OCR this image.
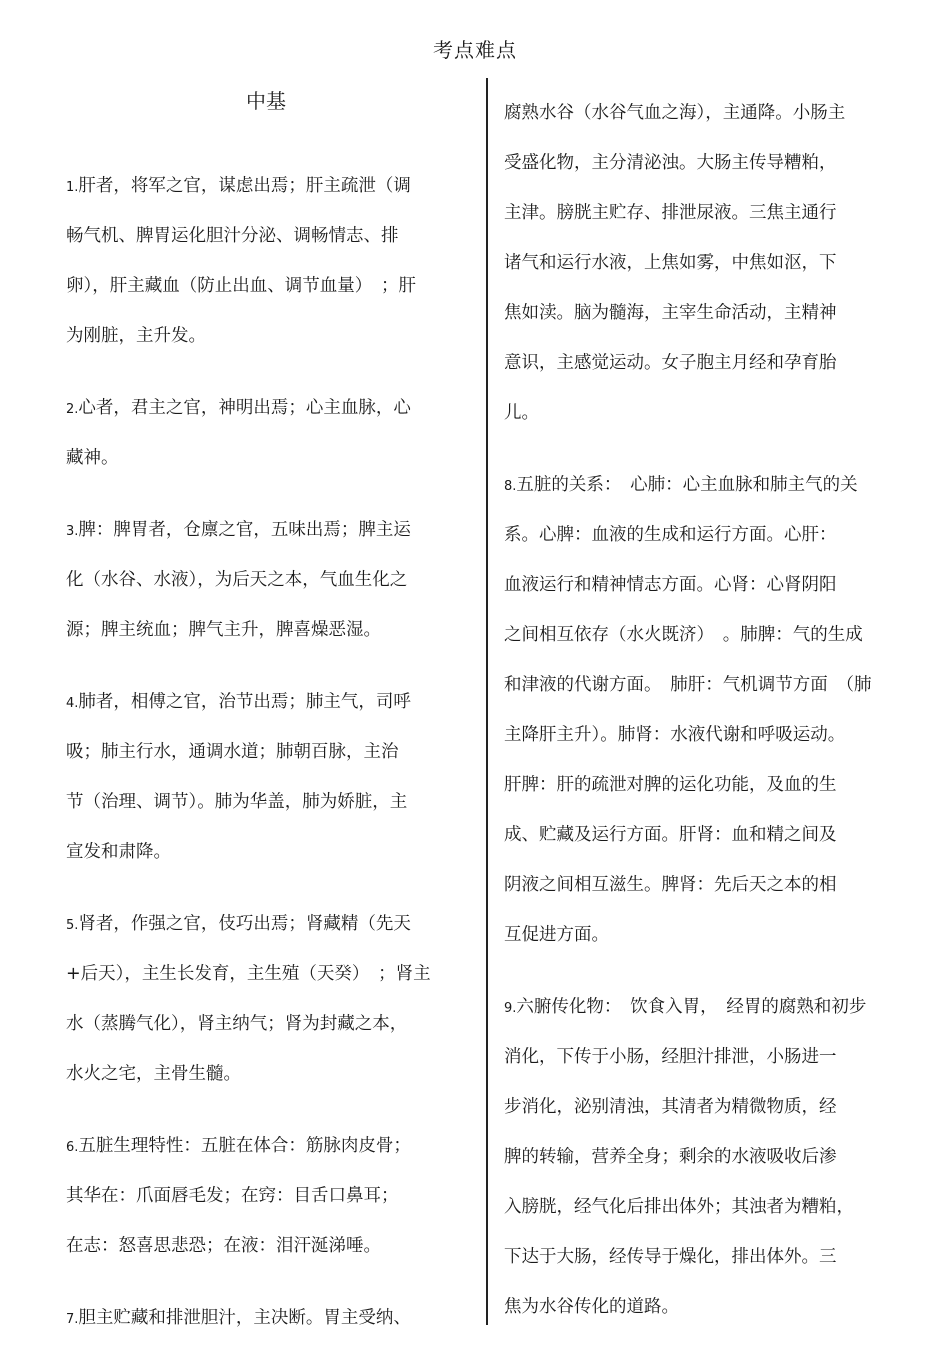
考点难点
中基
1.肝者，将军之官，谋虑出焉；肝主疏泄（调
畅气机、脾胃运化胆汁分泌、调畅情志、排
卵），肝主藏血（防止出血、调节血量）　；肝
为刚脏，主升发。
2.心者，君主之官，神明出焉；心主血脉，心
藏神。
3.脾：脾胃者，仓廪之官，五味出焉；脾主运
化（水谷、水液），为后天之本，气血生化之
源；脾主统血；脾气主升，脾喜燥恶湿。
4.肺者，相傅之官，治节出焉；肺主气，司呼
吸；肺主行水，通调水道；肺朝百脉，主治
节（治理、调节）。肺为华盖，肺为娇脏，主
宣发和肃降。
5.肾者，作强之官，伎巧出焉；肾藏精（先天
+后天），主生长发育，主生殖（天癸）　；肾主
水（蒸腾气化），肾主纳气；肾为封藏之本，
水火之宅，主骨生髓。
6.五脏生理特性：五脏在体合：筋脉肉皮骨；
其华在：爪面唇毛发；在窍：目舌口鼻耳；
在志：怒喜思悲恐；在液：泪汗涎涕唾。
7.胆主贮藏和排泄胆汁，主决断。胃主受纳、
腐熟水谷（水谷气血之海），主通降。小肠主
受盛化物，主分清泌浊。大肠主传导糟粕，
主津。膀胱主贮存、排泄尿液。三焦主通行
诸气和运行水液，上焦如雾，中焦如沤，下
焦如渎。脑为髓海，主宰生命活动，主精神
意识，主感觉运动。女子胞主月经和孕育胎
儿。
8.五脏的关系：　心肺：心主血脉和肺主气的关
系。心脾：血液的生成和运行方面。心肝：
血液运行和精神情志方面。心肾：心肾阴阳
之间相互依存（水火既济）　。肺脾：气的生成
和津液的代谢方面。　肺肝：气机调节方面　（肺
主降肝主升）。肺肾：水液代谢和呼吸运动。
肝脾：肝的疏泄对脾的运化功能，及血的生
成、贮藏及运行方面。肝肾：血和精之间及
阴液之间相互滋生。脾肾：先后天之本的相
互促进方面。
9.六腑传化物：　饮食入胃，　经胃的腐熟和初步
消化，下传于小肠，经胆汁排泄，小肠进一
步消化，泌别清浊，其清者为精微物质，经
脾的转输，营养全身；剩余的水液吸收后渗
入膀胱，经气化后排出体外；其浊者为糟粕，
下达于大肠，经传导于燥化，排出体外。三
焦为水谷传化的道路。
